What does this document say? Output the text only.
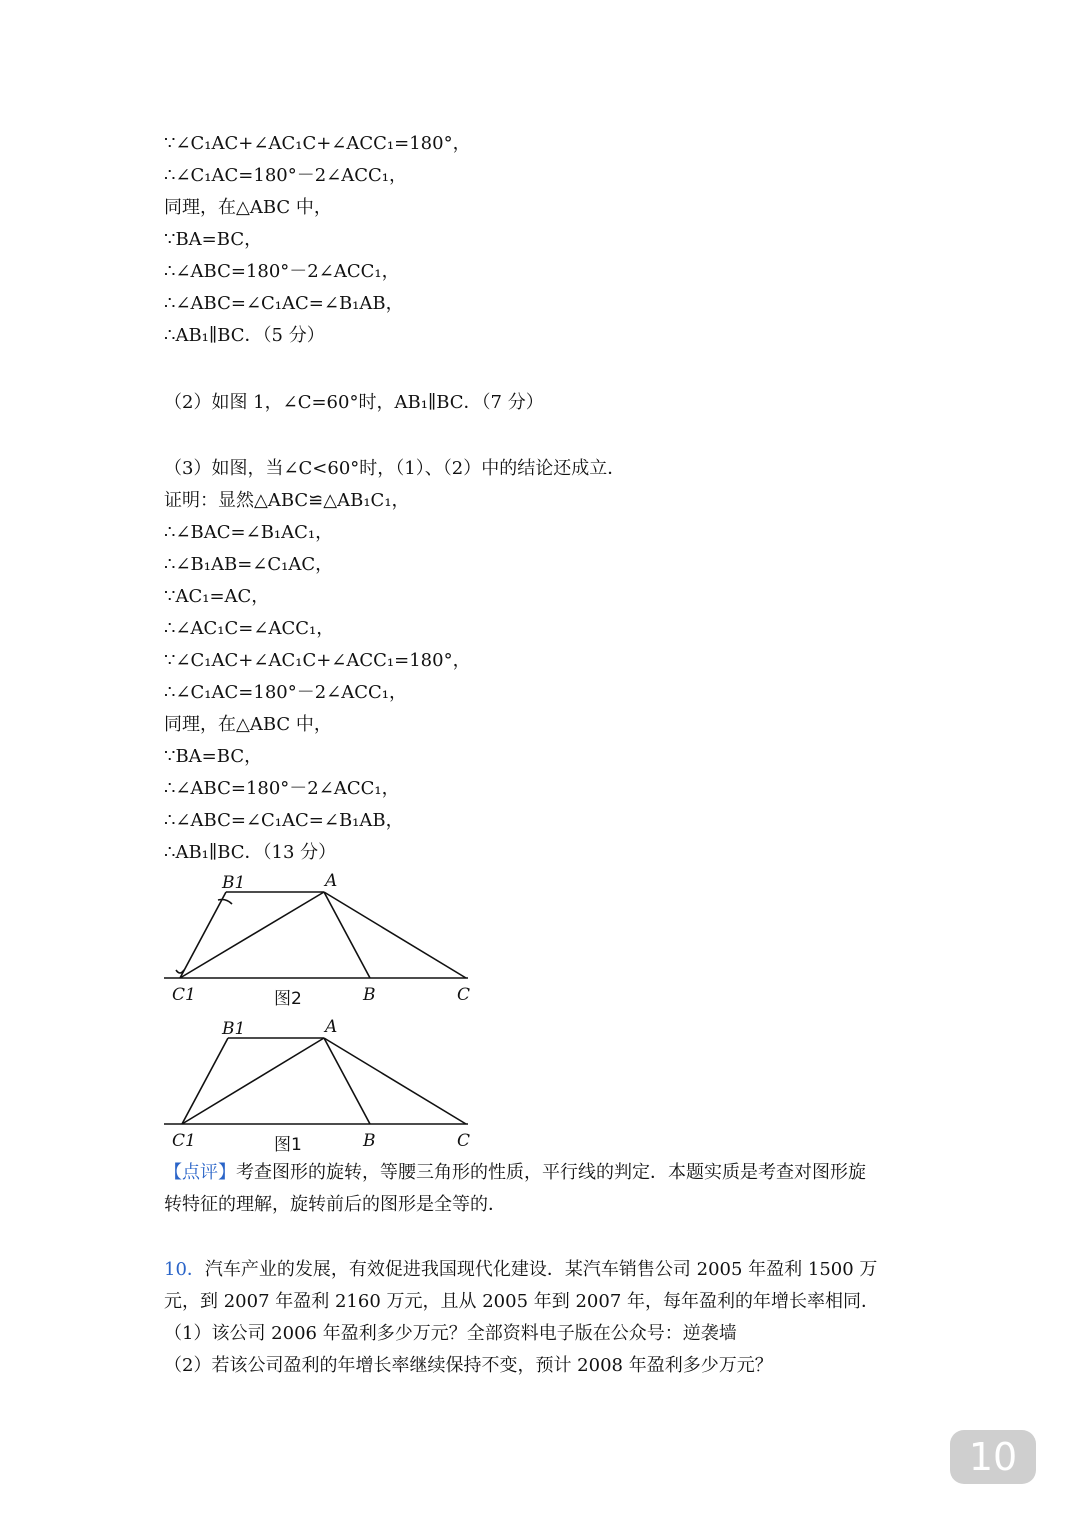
∵∠C₁AC+∠AC₁C+∠ACC₁=180°，
∴∠C₁AC=180°－2∠ACC₁，
同理，在△ABC 中，
∵BA=BC，
∴∠ABC=180°－2∠ACC₁，
∴∠ABC=∠C₁AC=∠B₁AB，
∴AB₁∥BC．（5 分）
（2）如图 1，∠C=60°时，AB₁∥BC．（7 分）
（3）如图，当∠C<60°时，（1）、（2）中的结论还成立．
证明：显然△ABC≌△AB₁C₁，
∴∠BAC=∠B₁AC₁，
∴∠B₁AB=∠C₁AC，
∵AC₁=AC，
∴∠AC₁C=∠ACC₁，
∵∠C₁AC+∠AC₁C+∠ACC₁=180°，
∴∠C₁AC=180°－2∠ACC₁，
同理，在△ABC 中，
∵BA=BC，
∴∠ABC=180°－2∠ACC₁，
∴∠ABC=∠C₁AC=∠B₁AB，
∴AB₁∥BC．（13 分）
B1	A
C1	B	C
图2
B1	A
C1	B	C
图1
【点评】考查图形的旋转，等腰三角形的性质，平行线的判定．本题实质是考查对图形旋
转特征的理解，旋转前后的图形是全等的．
10．汽车产业的发展，有效促进我国现代化建设．某汽车销售公司 2005 年盈利 1500 万
元，到 2007 年盈利 2160 万元，且从 2005 年到 2007 年，每年盈利的年增长率相同．
（1）该公司 2006 年盈利多少万元？全部资料电子版在公众号：逆袭墙
（2）若该公司盈利的年增长率继续保持不变，预计 2008 年盈利多少万元？
10
